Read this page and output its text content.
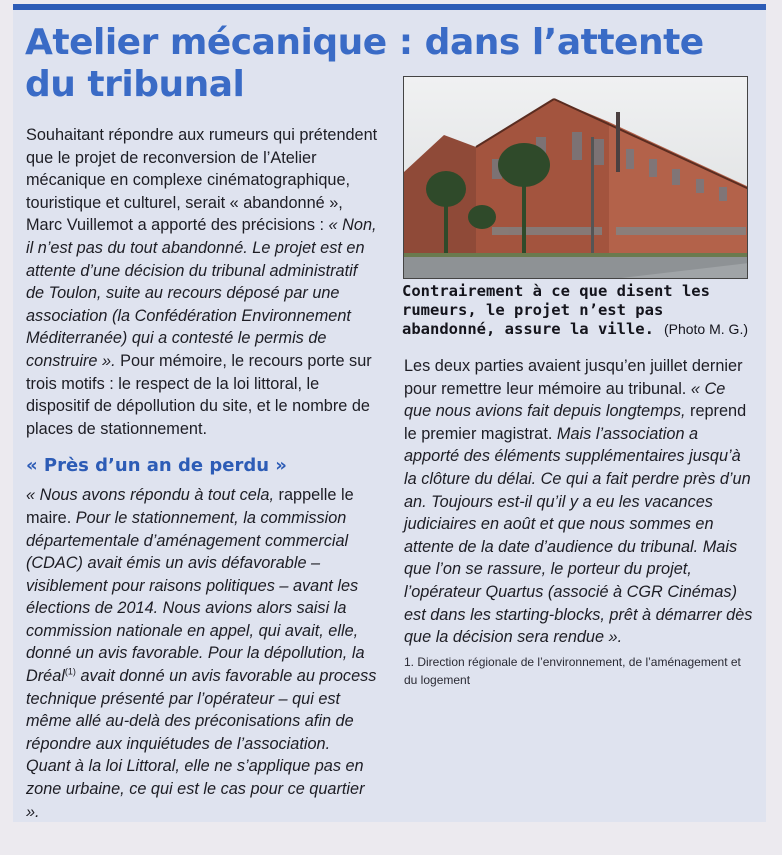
Atelier mécanique : dans l’attente du tribunal

Souhaitant répondre aux rumeurs qui prétendent que le projet de reconversion de l’Atelier mécanique en complexe cinématographique, touristique et culturel, serait « abandonné », Marc Vuillemot a apporté des précisions : « Non, il n’est pas du tout abandonné. Le projet est en attente d’une décision du tribunal administratif de Toulon, suite au recours déposé par une association (la Confédération Environnement Méditerranée) qui a contesté le permis de construire ». Pour mémoire, le recours porte sur trois motifs : le respect de la loi littoral, le dispositif de dépollution du site, et le nombre de places de stationnement.

« Près d’un an de perdu »

« Nous avons répondu à tout cela, rappelle le maire. Pour le stationnement, la commission départementale d’aménagement commercial (CDAC) avait émis un avis défavorable – visiblement pour raisons politiques – avant les élections de 2014. Nous avions alors saisi la commission nationale en appel, qui avait, elle, donné un avis favorable. Pour la dépollution, la Dréal$^{(1)}$ avait donné un avis favorable au process technique présenté par l’opérateur – qui est même allé au-delà des préconisations afin de répondre aux inquiétudes de l’association. Quant à la loi Littoral, elle ne s’applique pas en zone urbaine, ce qui est le cas pour ce quartier ».

Contrairement à ce que disent les rumeurs, le projet n’est pas abandonné, assure la ville. (Photo M. G.)

Les deux parties avaient jusqu’en juillet dernier pour remettre leur mémoire au tribunal. « Ce que nous avions fait depuis longtemps, reprend le premier magistrat. Mais l’association a apporté des éléments supplémentaires jusqu’à la clôture du délai. Ce qui a fait perdre près d’un an. Toujours est-il qu’il y a eu les vacances judiciaires en août et que nous sommes en attente de la date d’audience du tribunal. Mais que l’on se rassure, le porteur du projet, l’opérateur Quartus (associé à CGR Cinémas) est dans les starting-blocks, prêt à démarrer dès que la décision sera rendue ».

1. Direction régionale de l’environnement, de l’aménagement et du logement
